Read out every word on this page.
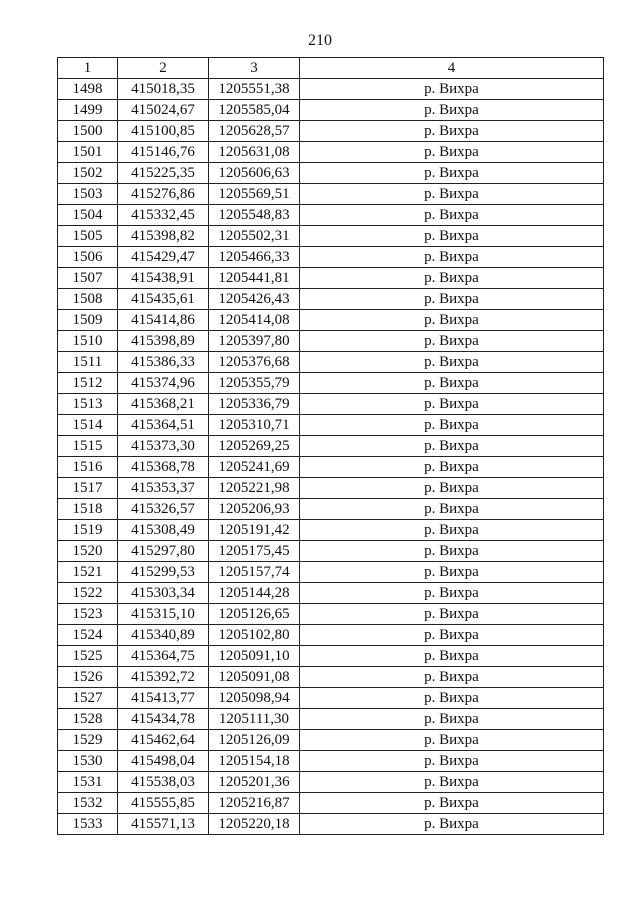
210
1	2	3	4
1498	415018,35	1205551,38	р. Вихра
1499	415024,67	1205585,04	р. Вихра
1500	415100,85	1205628,57	р. Вихра
1501	415146,76	1205631,08	р. Вихра
1502	415225,35	1205606,63	р. Вихра
1503	415276,86	1205569,51	р. Вихра
1504	415332,45	1205548,83	р. Вихра
1505	415398,82	1205502,31	р. Вихра
1506	415429,47	1205466,33	р. Вихра
1507	415438,91	1205441,81	р. Вихра
1508	415435,61	1205426,43	р. Вихра
1509	415414,86	1205414,08	р. Вихра
1510	415398,89	1205397,80	р. Вихра
1511	415386,33	1205376,68	р. Вихра
1512	415374,96	1205355,79	р. Вихра
1513	415368,21	1205336,79	р. Вихра
1514	415364,51	1205310,71	р. Вихра
1515	415373,30	1205269,25	р. Вихра
1516	415368,78	1205241,69	р. Вихра
1517	415353,37	1205221,98	р. Вихра
1518	415326,57	1205206,93	р. Вихра
1519	415308,49	1205191,42	р. Вихра
1520	415297,80	1205175,45	р. Вихра
1521	415299,53	1205157,74	р. Вихра
1522	415303,34	1205144,28	р. Вихра
1523	415315,10	1205126,65	р. Вихра
1524	415340,89	1205102,80	р. Вихра
1525	415364,75	1205091,10	р. Вихра
1526	415392,72	1205091,08	р. Вихра
1527	415413,77	1205098,94	р. Вихра
1528	415434,78	1205111,30	р. Вихра
1529	415462,64	1205126,09	р. Вихра
1530	415498,04	1205154,18	р. Вихра
1531	415538,03	1205201,36	р. Вихра
1532	415555,85	1205216,87	р. Вихра
1533	415571,13	1205220,18	р. Вихра
